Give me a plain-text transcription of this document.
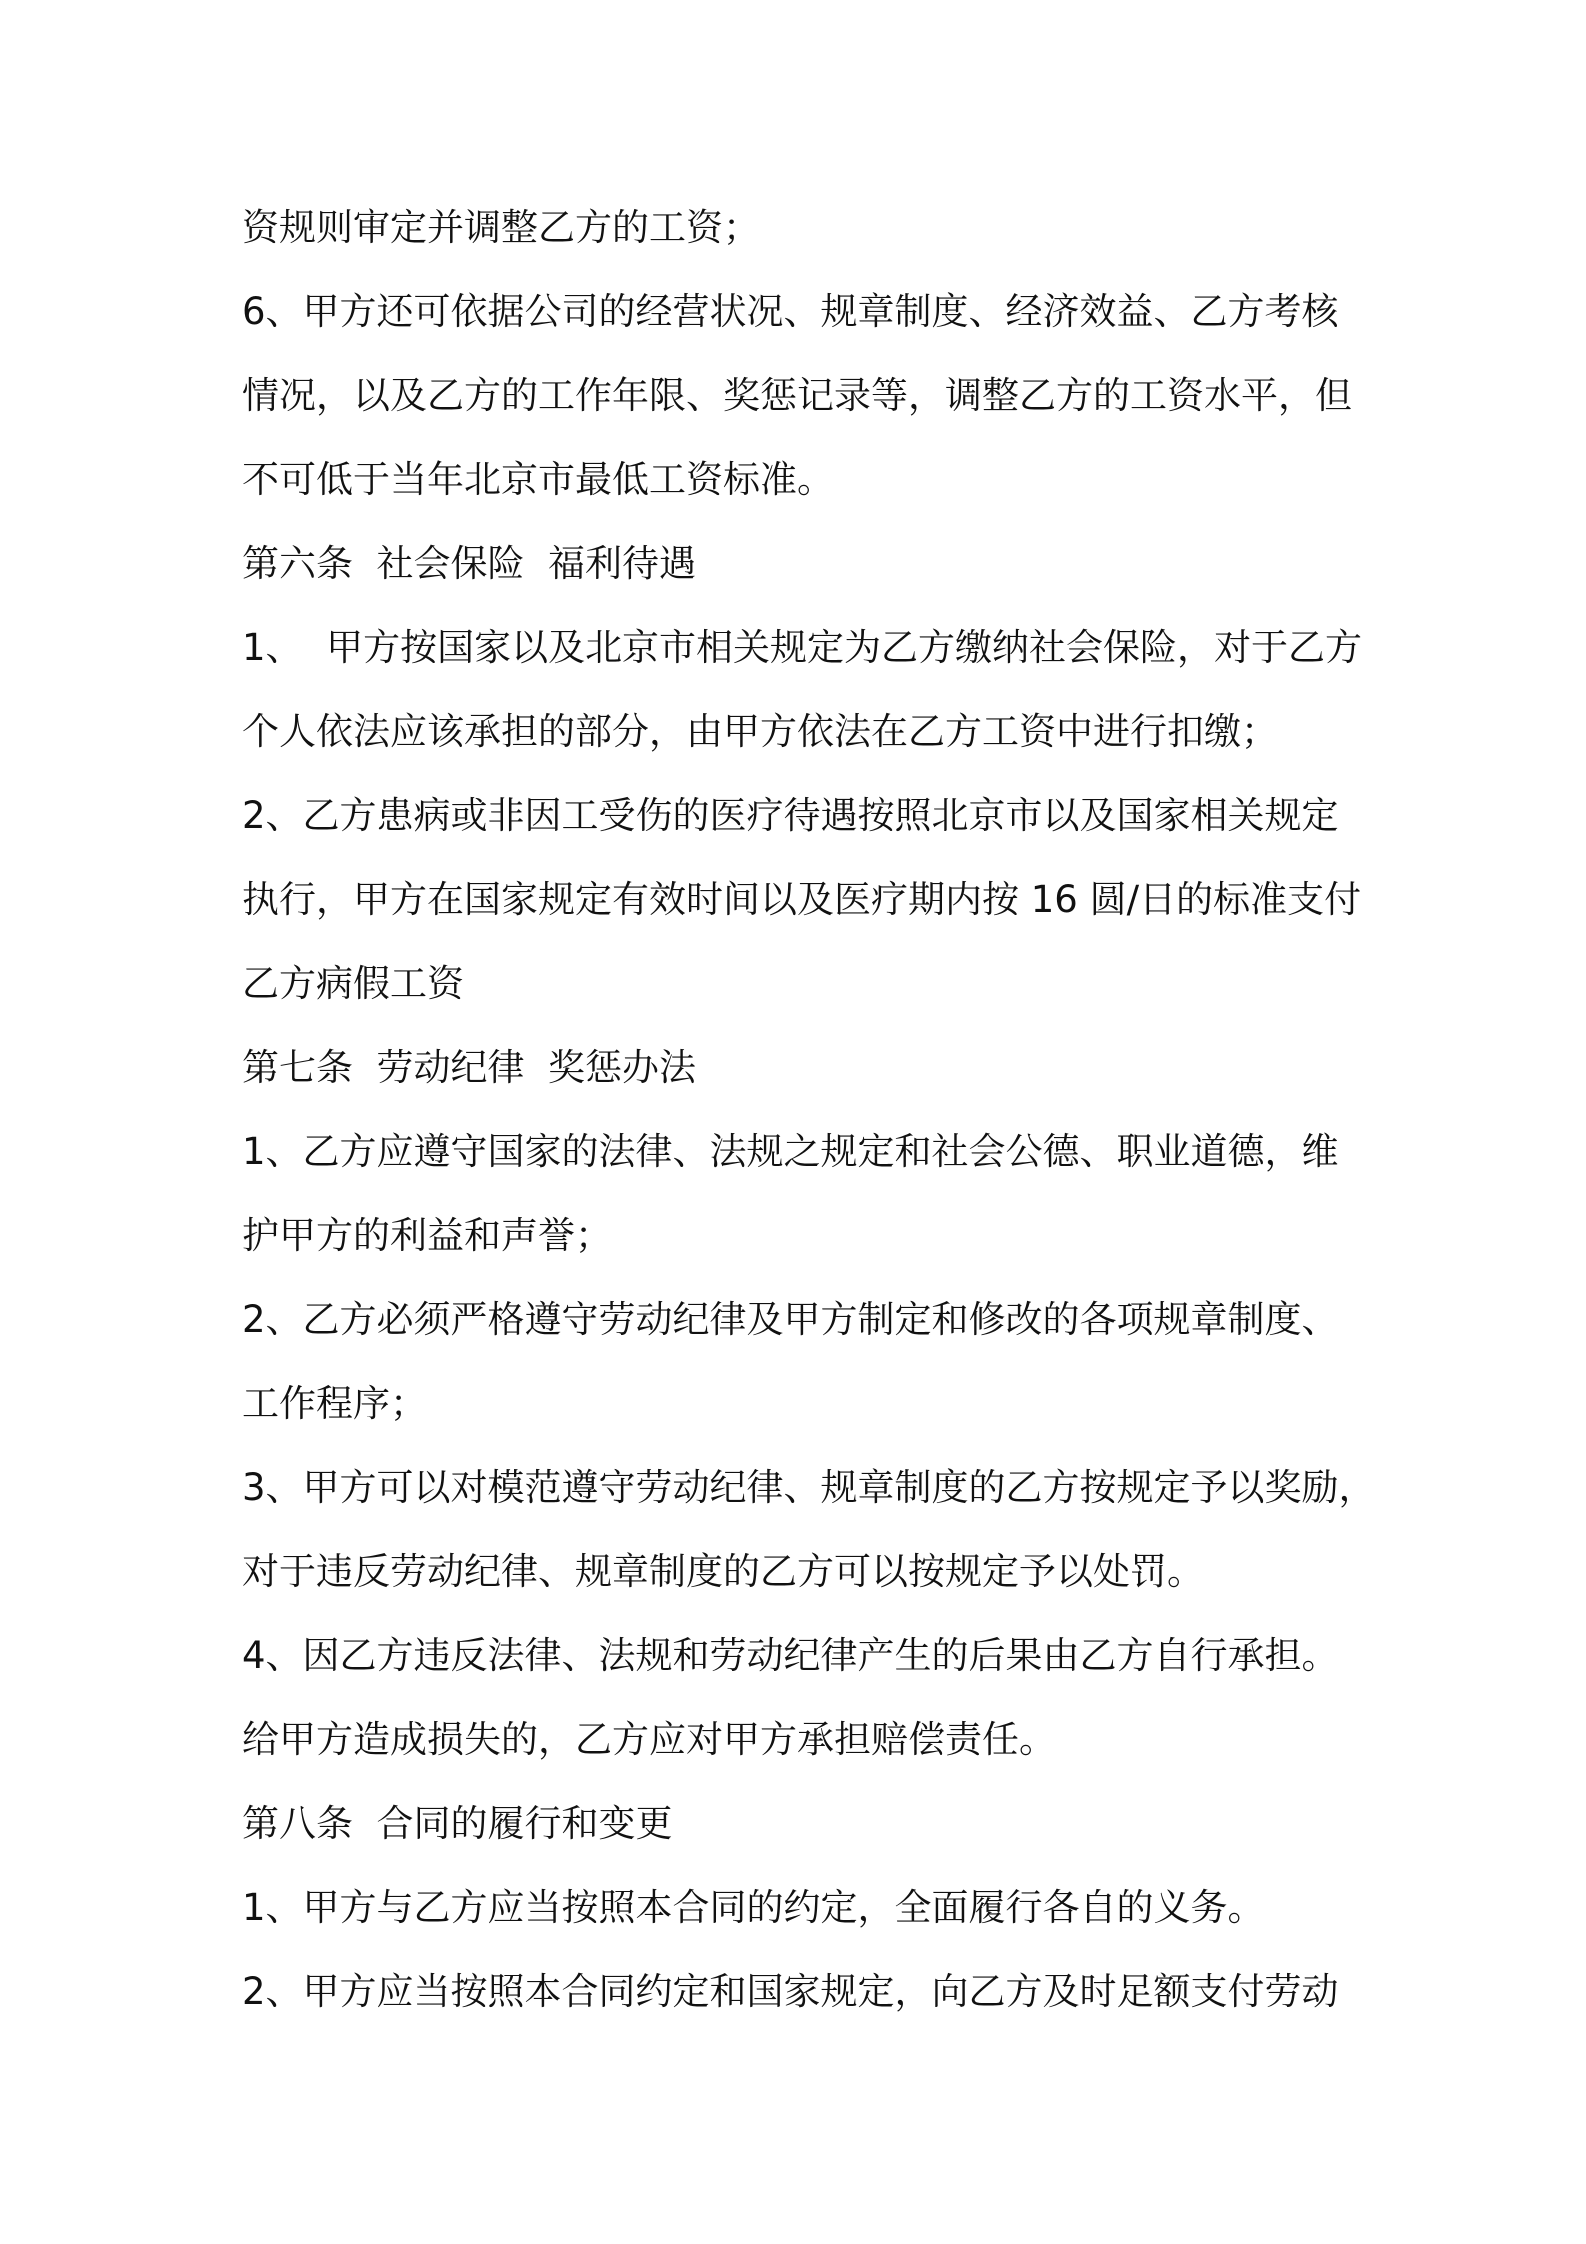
资规则审定并调整乙方的工资；
6、甲方还可依据公司的经营状况、规章制度、经济效益、乙方考核
情况，以及乙方的工作年限、奖惩记录等，调整乙方的工资水平，但
不可低于当年北京市最低工资标准。
第六条  社会保险  福利待遇
1、  甲方按国家以及北京市相关规定为乙方缴纳社会保险，对于乙方
个人依法应该承担的部分，由甲方依法在乙方工资中进行扣缴；
2、乙方患病或非因工受伤的医疗待遇按照北京市以及国家相关规定
执行，甲方在国家规定有效时间以及医疗期内按 16 圆/日的标准支付
乙方病假工资
第七条  劳动纪律  奖惩办法
1、乙方应遵守国家的法律、法规之规定和社会公德、职业道德，维
护甲方的利益和声誉；
2、乙方必须严格遵守劳动纪律及甲方制定和修改的各项规章制度、
工作程序；
3、甲方可以对模范遵守劳动纪律、规章制度的乙方按规定予以奖励，
对于违反劳动纪律、规章制度的乙方可以按规定予以处罚。
4、因乙方违反法律、法规和劳动纪律产生的后果由乙方自行承担。
给甲方造成损失的，乙方应对甲方承担赔偿责任。
第八条  合同的履行和变更
1、甲方与乙方应当按照本合同的约定，全面履行各自的义务。
2、甲方应当按照本合同约定和国家规定，向乙方及时足额支付劳动
